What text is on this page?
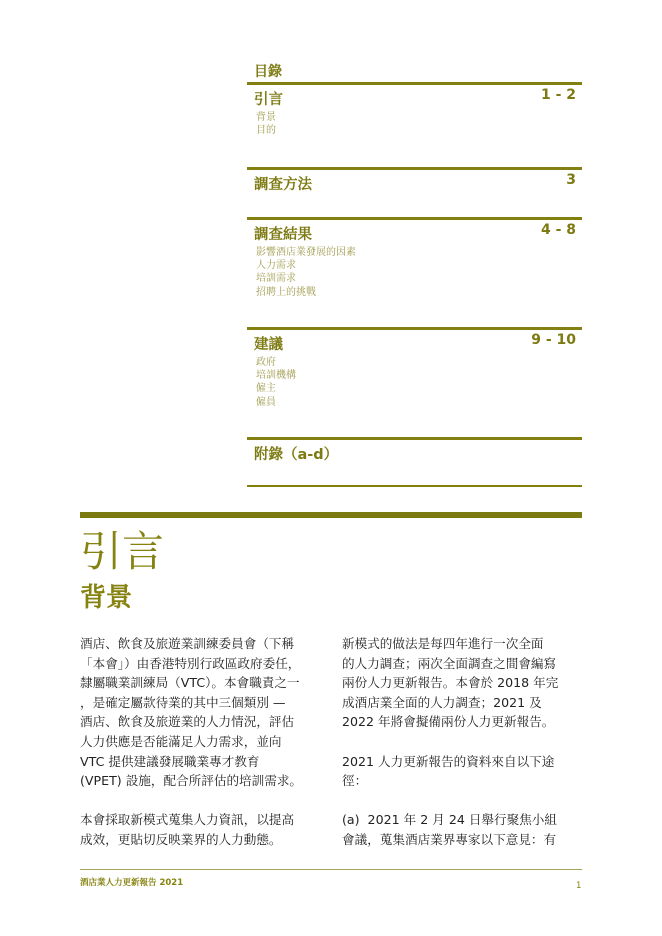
目錄
引言	1 - 2
背景
目的
調查方法	3
調查結果	4 - 8
影響酒店業發展的因素
人力需求
培訓需求
招聘上的挑戰
建議	9 - 10
政府
培訓機構
僱主
僱員
附錄（a-d）
引言
背景

酒店、飲食及旅遊業訓練委員會（下稱

「本會」）由香港特別行政區政府委任，

隸屬職業訓練局（VTC）。本會職責之一

，是確定屬款待業的其中三個類別 —

酒店、飲食及旅遊業的人力情況，評估

人力供應是否能滿足人力需求，並向

VTC 提供建議發展職業專才教育

(VPET) 設施，配合所評估的培訓需求。

本會採取新模式蒐集人力資訊，以提高

成效，更貼切反映業界的人力動態。

新模式的做法是每四年進行一次全面

的人力調查；兩次全面調查之間會編寫

兩份人力更新報告。本會於 2018 年完

成酒店業全面的人力調查；2021 及

2022 年將會擬備兩份人力更新報告。

2021 人力更新報告的資料來自以下途

徑：

(a)  2021 年 2 月 24 日舉行聚焦小組

會議，蒐集酒店業界專家以下意見：有

酒店業人力更新報告 2021	1
